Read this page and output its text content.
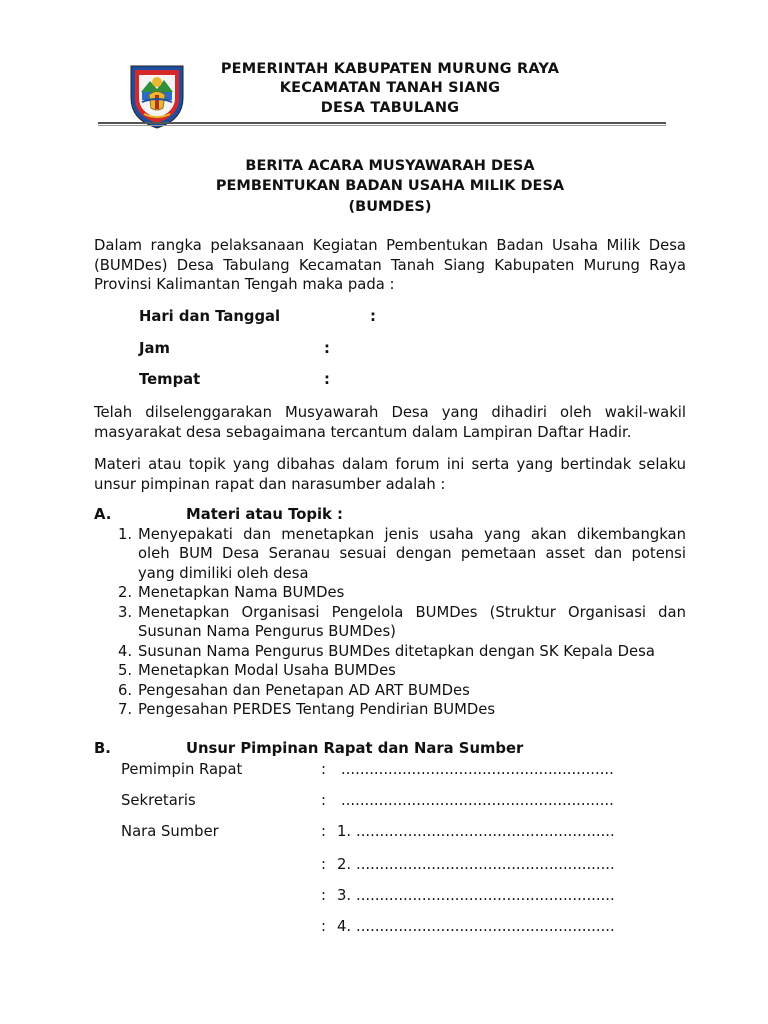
PEMERINTAH KABUPATEN MURUNG RAYA
KECAMATAN TANAH SIANG
DESA TABULANG
BERITA ACARA MUSYAWARAH DESA
PEMBENTUKAN BADAN USAHA MILIK DESA
(BUMDES)
Dalam rangka pelaksanaan Kegiatan Pembentukan Badan Usaha Milik Desa
(BUMDes) Desa Tabulang Kecamatan Tanah Siang Kabupaten Murung Raya
Provinsi Kalimantan Tengah maka pada :
Hari dan Tanggal	:
Jam	:
Tempat	:
Telah dilselenggarakan Musyawarah Desa yang dihadiri oleh wakil-wakil
masyarakat desa sebagaimana tercantum dalam Lampiran Daftar Hadir.
Materi atau topik yang dibahas dalam forum ini serta yang bertindak selaku
unsur pimpinan rapat dan narasumber adalah :
A.	Materi atau Topik :
1. Menyepakati dan menetapkan jenis usaha yang akan dikembangkan
oleh BUM Desa Seranau sesuai dengan pemetaan asset dan potensi
yang dimiliki oleh desa
2. Menetapkan Nama BUMDes
3. Menetapkan Organisasi Pengelola BUMDes (Struktur Organisasi dan
Susunan Nama Pengurus BUMDes)
4. Susunan Nama Pengurus BUMDes ditetapkan dengan SK Kepala Desa
5. Menetapkan Modal Usaha BUMDes
6. Pengesahan dan Penetapan AD ART BUMDes
7. Pengesahan PERDES Tentang Pendirian BUMDes
B.	Unsur Pimpinan Rapat dan Nara Sumber
Pemimpin Rapat	: ..........................................................
Sekretaris	: ..........................................................
Nara Sumber	: 1. .......................................................
: 2. .......................................................
: 3. .......................................................
: 4. .......................................................
